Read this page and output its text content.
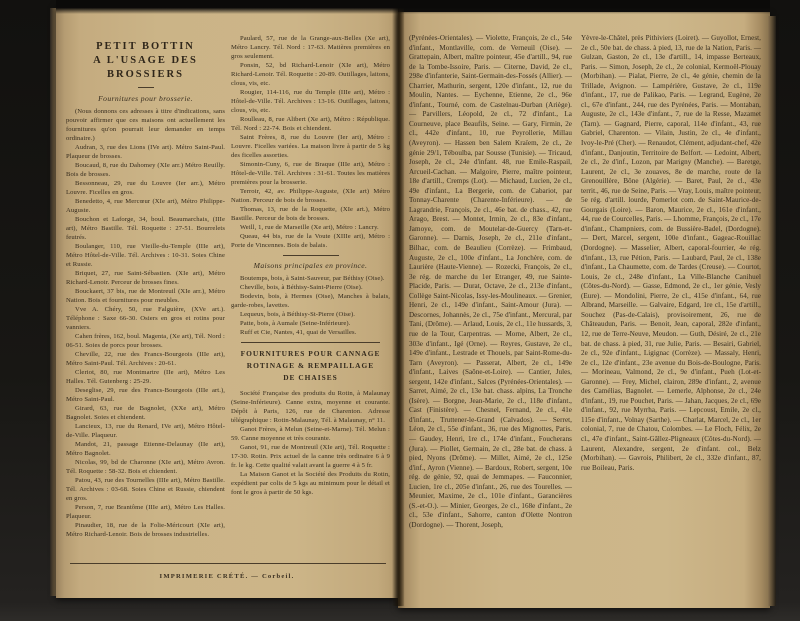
PETIT BOTTIN
A L'USAGE DES BROSSIERS
Fournitures pour brosserie.

(Nous donnons ces adresses à titre d'indications, sans pouvoir affirmer que ces maisons ont actuellement les fournitures qu'on pourrait leur demander en temps ordinaire.)

Audran, 3, rue des Lions (IVe art). Métro Saint-Paul. Plaqueur de brosses.

Boucaud, 8, rue du Dahomey (XIe arr.) Métro Reuilly. Bois de brosses.

Bessonneau, 29, rue du Louvre (Ier arr.), Métro Louvre. Ficelles en gros.

Benedetto, 4, rue Mercœur (XIe art), Métro Philippe-Auguste.

Bouchon et Laforge, 34, boul. Beaumarchais, (IIIe art), Métro Bastille. Tél. Roquette : 27-51. Bourrelets feutrés.

Boulanger, 110, rue Vieille-du-Temple (IIIe art), Métro Hôtel-de-Ville. Tél. Archives : 10-31. Soies Chine et Russie.

Briquet, 27, rue Saint-Sébastien. (XIe art), Métro Richard-Lenoir. Perceur de brosses fines.

Bouckaert, 37 bis, rue de Montreuil (XIe arr.), Métro Nation. Bois et fournitures pour meubles.

Vve A. Chéry, 50, rue Falguière, (XVe art.). Téléphone : Saxe 66-30. Osiers en gros et rotins pour vanniers.

Cahen frères, 162, boul. Magenta, (Xe art), Tél. Nord : 06-51. Soies de porcs pour brosses.

Cheville, 22, rue des Francs-Bourgeois (IIIe art), Métro Saint-Paul. Tél. Archives : 20-61.

Cleriot, 80, rue Montmartre (IIe art), Métro Les Halles. Tél. Gutenberg : 25-29.

Deseglise, 29, rue des Francs-Bourgeois (IIIe art.), Métro Saint-Paul.

Girard, 63, rue de Bagnolet, (XXe art), Métro Bagnolet. Soies et chiendent.

Lancieux, 13, rue du Renard, IVe art), Métro Hôtel-de-Ville. Plaqueur.

Mandot, 21, passage Etienne-Delaunay (IIe art), Métro Bagnolet.

Nicolas, 99, bd de Charonne (XIe art), Métro Avron. Tél. Roquette : 58-32. Bois et chiendent.

Patou, 43, rue des Tournelles (IIIe art), Métro Bastille. Tél. Archives : 03-68. Soies Chine et Russie, chiendent en gros.

Person, 7, rue Brantôme (IIIe art), Métro Les Halles. Plaqueur.

Pinaudier, 18, rue de la Folie-Méricourt (XIe art), Métro Richard-Lenoir. Bois de brosses industrielles.

Paulard, 57, rue de la Grange-aux-Belles (Xe art), Métro Lancry. Tél. Nord : 17-63. Matières premières en gros seulement.

Ponsin, 52, bd Richard-Lenoir (XIe art), Métro Richard-Lenoir. Tél. Roquette : 20-89. Outillages, laitons, clous, vis, etc.

Rougier, 114-116, rue du Temple (IIIe art), Métro : Hôtel-de-Ville. Tél. Archives : 13-16. Outillages, laitons, clous, vis, etc.

Roulleau, 8, rue Alibert (Xe art), Métro : République. Tél. Nord : 22-74. Bois et chiendent.

Saint Frères, 8, rue du Louvre (Ier art), Métro : Louvre. Ficelles variées. La maison livre à partir de 5 kg des ficelles assorties.

Simonin-Cuny, 6, rue de Braque (IIIe art), Métro : Hôtel-de-Ville. Tél. Archives : 31-61. Toutes les matières premières pour la brosserie.

Terroir, 42, av. Philippe-Auguste, (XIe art) Métro Nation. Perceur de bois de brosses.

Thomas, 13, rue de la Roquette, (XIe art.), Métro Bastille. Perceur de bois de brosses.

Weill, 1, rue de Marseille (Xe art), Métro : Lancry.

Queau, 44 bis, rue de la Voute (XIIIe art), Métro : Porte de Vincennes. Bois de balais.

Maisons principales en province.

Boutemps, bois, à Saint-Sauveur, par Béthisy (Oise).

Cheville, bois, à Béthisy-Saint-Pierre (Oise).

Bodevin, bois, à Hermes (Oise), Manches à balais, garde-robes, lavettes.

Lequeux, bois, à Béthisy-St-Pierre (Oise).

Patte, bois, à Aumale (Seine-Inférieure).

Ruff et Cie, Nantes, 41, quai de Versailles.

FOURNITURES POUR CANNAGE
ROTINAGE & REMPAILLAGE
DE CHAISES

Société Française des produits du Rotin, à Malaunay (Seine-Inférieure). Canne extra, moyenne et courante. Dépôt à Paris, 126, rue de Charenton. Adresse télégraphique : Rotin-Malaunay, Tél. à Malaunay, n° 11.

Ganot Frères, à Melun (Seine-et-Marne). Tél. Melun : 59. Canne moyenne et très courante.

Ganot, 91, rue de Montreuil (XIe art), Tél. Roquette : 17-30. Rotin. Prix actuel de la canne très ordinaire 6 à 9 fr. le kg. Cette qualité valait avant la guerre 4 à 5 fr.

La Maison Ganot et la Société des Produits du Rotin, expédient par colis de 5 kgs au minimum pour le détail et font le gros à partir de 50 kgs.

IMPRIMERIE CRÉTÉ. — Corbeil.
(Pyrénées-Orientales). — Violette, François, 2e cl., 54e d'infant., Montlaville, com. de Verneuil (Oise). — Grattepain, Albert, maître pointeur, 45e d'artill., 94, rue de la Tombe-Issoire, Paris. — Citerne, David, 2e cl., 298e d'infanterie, Saint-Germain-des-Fossés (Allier). — Charrier, Mathurin, sergent, 120e d'infant., 12, rue du Moulin, Nantes. — Eychenne, Etienne, 2e cl., 96e d'infant., Tourné, com. de Castelnau-Durban (Ariège). — Parvillers, Léopold, 2e cl., 72 d'infant., La Courneuve, place Beaufils, Seine. — Gary, Firmin, 2e cl., 442e d'infant., 10, rue Peyrollerie, Millau (Aveyron). — Hassen ben Salem Kraïem, 2e cl., 2e génie 29/1, Téboulba, par Sousse (Tunisie). — Tricaud, Joseph, 2e cl., 24e d'infant. 48, rue Emile-Raspail, Arcueil-Cachan. — Malgoire, Pierre, maître pointeur, 18e d'artill., Cremps (Lot). — Michaud, Lucien, 2e cl., 49e d'infant., La Bergerie, com. de Cabariot, par Tonnay-Charente (Charente-Inférieure). — de Lagrandrie, François, 2e cl., 46e bat. de chass., 42, rue Arago, Brest. — Montet, Irmin, 2e cl., 83e d'infant., Jamoye, com. de Moutelar-de-Guercy (Tarn-et-Garonne). — Darnis, Joseph, 2e cl., 211e d'infant., Bilhac, com. de Beaulieu (Corrèze). — Frimbaud, Auguste, 2e cl., 100e d'infant., La Jonchère, com. de Laurière (Haute-Vienne). — Rozecki, François, 2e cl., 3e rég. de marche du 1er Etranger, 49, rue Sainte-Placide, Paris. — Durat, Octave, 2e cl., 213e d'infant., Collège Saint-Nicolas, Issy-les-Moulineaux. — Grenier, Henri, 2e cl., 149e d'infant., Saint-Amour (Jura). — Descornes, Johannès, 2e cl., 75e d'infant., Mercural, par Tani, (Drôme). — Arlaud, Louis, 2e cl., 11e hussards, 3, rue de la Tour, Carpentras. — Morne, Albert, 2e cl., 303e d'infant., Igé (Orne). — Reyres, Gustave, 2e cl., 149e d'infant., Lestrade et Thouels, par Saint-Rome-du-Tarn (Aveyron). — Passerat, Albert, 2e cl., 149e d'infant., Laives (Saône-et-Loire). — Cantier, Jules, sergent, 142e d'infant., Salces (Pyrénées-Orientales). — Sarret, Aimé, 2e cl., 13e bat. chass. alpins, La Tronche (Isère). — Borgne, Jean-Marie, 2e cl., 118e d'infant., Cast (Finistère). — Chesnel, Fernand, 2e cl., 41e d'infant., Truttener-le-Grand (Calvados). — Serret, Léon, 2e cl., 55e d'infant., 36, rue des Mignottes, Paris. — Gaudey, Henri, 1re cl., 174e d'infant., Foucherans (Jura). — Piollet, Germain, 2e cl., 28e bat. de chass. à pied, Nyons (Drôme). — Millet, Aimé, 2e cl., 125e d'inf., Ayron (Vienne). — Bardoux, Robert, sergent, 10e rég. de génie, 92, quai de Jemmapes. — Fauconnier, Lucien, 1re cl., 205e d'infant., 26, rue des Tourelles. — Meunier, Maxime, 2e cl., 101e d'infant., Garancières (S.-et-O.). — Minier, Georges, 2e cl., 168e d'infant., 2e cl., 53e d'infant., Sahorre, canton d'Olette Nontron (Dordogne). — Thorent, Joseph,
Yèvre-le-Châtel, près Pithiviers (Loiret). — Guyollot, Ernest, 2e cl., 50e bat. de chass. à pied, 13, rue de la Nation, Paris. — Gulzan, Gaston, 2e cl., 13e d'artill., 14, impasse Berteaux, Paris. — Simon, Joseph, 2e cl., 2e colonial, Kermoël-Plouay (Morbihan). — Pialat, Pierre, 2e cl., 4e génie, chemin de la Trillade, Avignon. — Lampérière, Gustave, 2e cl., 119e d'infant., 17, rue de Palikao, Paris. — Legrand, Eugène, 2e cl., 67e d'infant., 244, rue des Pyrénées, Paris. — Montaban, Auguste, 2e cl., 143e d'infant., 7, rue de la Resse, Mazamet (Tarn). — Gagnard, Pierre, caporal, 114e d'infant., 43, rue Gabriel, Charenton. — Vilain, Justin, 2e cl., 4e d'infant., Ivoy-le-Pré (Cher). — Renaudot, Clément, adjudant-chef, 42e d'infant., Danjoutin, Territoire de Belfort. — Ledoint, Albert, 2e cl., 2e d'inf., Lozon, par Marigny (Manche). — Baretge, Laurent, 2e cl., 3e zouaves, 8e de marche, route de la Grenouillère, Bône (Algérie). — Baret, Paul, 2e cl., 43e territ., 46, rue de Seine, Paris. — Vray, Louis, maître pointeur, 5e rég. d'artill. lourde, Pomerlot com. de Saint-Maurice-de-Gourgais (Loire). — Baron, Maurice, 2e cl., 161e d'infant., 44, rue de Courcelles, Paris. — Lhomme, François, 2e cl., 17e d'infant., Champniers, com. de Bussière-Badel, (Dordogne). — Dert, Marcel, sergent, 100e d'infant., Gageac-Rouillac (Dordogne). — Masselier, Albert, caporal-fourrier, 4e rég. d'infant., 13, rue Pétion, Paris. — Laubard, Paul, 2e cl., 138e d'infant., La Chaumette, com. de Tardes (Creuse). — Courtot, Louis, 2e cl., 248e d'infant., La Ville-Blanche Canihuel (Côtes-du-Nord). — Gasse, Edmond, 2e cl., 1er génie, Vesly (Eure). — Mondolini, Pierre, 2e cl., 415e d'infant., 64, rue Albrand, Marseille. — Galvaire, Edgard, 1re cl., 15e d'artill., Souchez (Pas-de-Calais), provisoirement, 26, rue de Châteaudun, Paris. — Benoit, Jean, caporal, 282e d'infant., 12, rue de Terre-Neuve, Meudon. — Guth, Désiré, 2e cl., 21e bat. de chass. à pied, 31, rue Julie, Paris. — Besairi, Gabriel, 2e cl., 92e d'infant., Ligignac (Corrèze). — Massaly, Henri, 2e cl., 12e d'infant., 23e avenue du Bois-de-Boulogne, Paris. — Morineau, Valmond, 2e cl., 9e d'infant., Pueh (Lot-et-Garonne). — Frey, Michel, clairon, 289e d'infant., 2, avenue des Camélias, Bagnolet. — Lemerle, Alphonse, 2e cl., 24e d'infant., 19, rue Pouchet, Paris. — Jahan, Jacques, 2e cl., 69e d'infant., 92, rue Myrrha, Paris. — Lepcoust, Emile, 2e cl., 115e d'infant., Volnay (Sarthe). — Charlat, Marcel, 2e cl., 1er colonial, 7, rue de Chatou, Colombes. — Le Floch, Félix, 2e cl., 47e d'infant., Saint-Gâllez-Pligneaux (Côtes-du-Nord). — Laurent, Alexandre, sergent, 2e d'infant. col., Belz (Morbihan). — Gavrois, Philibert, 2e cl., 332e d'infant., 87, rue Boileau, Paris.
